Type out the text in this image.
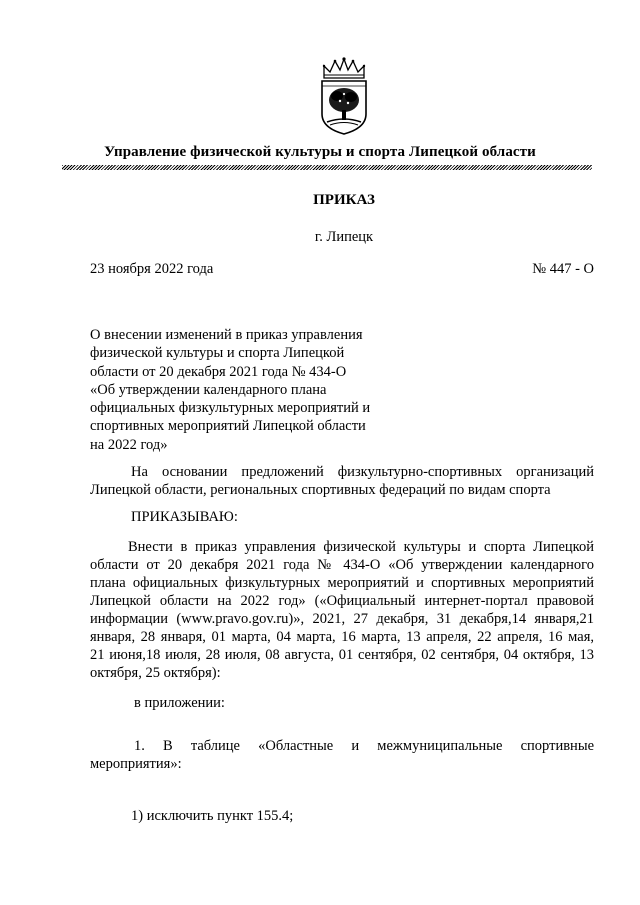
Управление физической культуры и спорта Липецкой области
ПРИКАЗ
г. Липецк
23 ноября 2022 года	№ 447 - О
О внесении изменений в приказ управления
физической культуры и спорта Липецкой
области от 20 декабря 2021 года № 434-О
«Об утверждении календарного плана
официальных физкультурных мероприятий и
спортивных мероприятий Липецкой области
на 2022 год»
На основании предложений физкультурно-спортивных организаций
Липецкой области, региональных спортивных федераций по видам спорта
ПРИКАЗЫВАЮ:
Внести в приказ управления физической культуры и спорта Липецкой
области от 20 декабря 2021 года № 434-О «Об утверждении календарного
плана официальных физкультурных мероприятий и спортивных мероприятий
Липецкой области на 2022 год» («Официальный интернет-портал правовой
информации (www.pravo.gov.ru)», 2021, 27 декабря, 31 декабря,14 января,21
января, 28 января, 01 марта, 04 марта, 16 марта, 13 апреля, 22 апреля, 16 мая,
21 июня,18 июля, 28 июля, 08 августа, 01 сентября, 02 сентября, 04 октября, 13
октября, 25 октября):
в приложении:
1. В таблице «Областные и межмуниципальные спортивные
мероприятия»:
1) исключить пункт 155.4;
